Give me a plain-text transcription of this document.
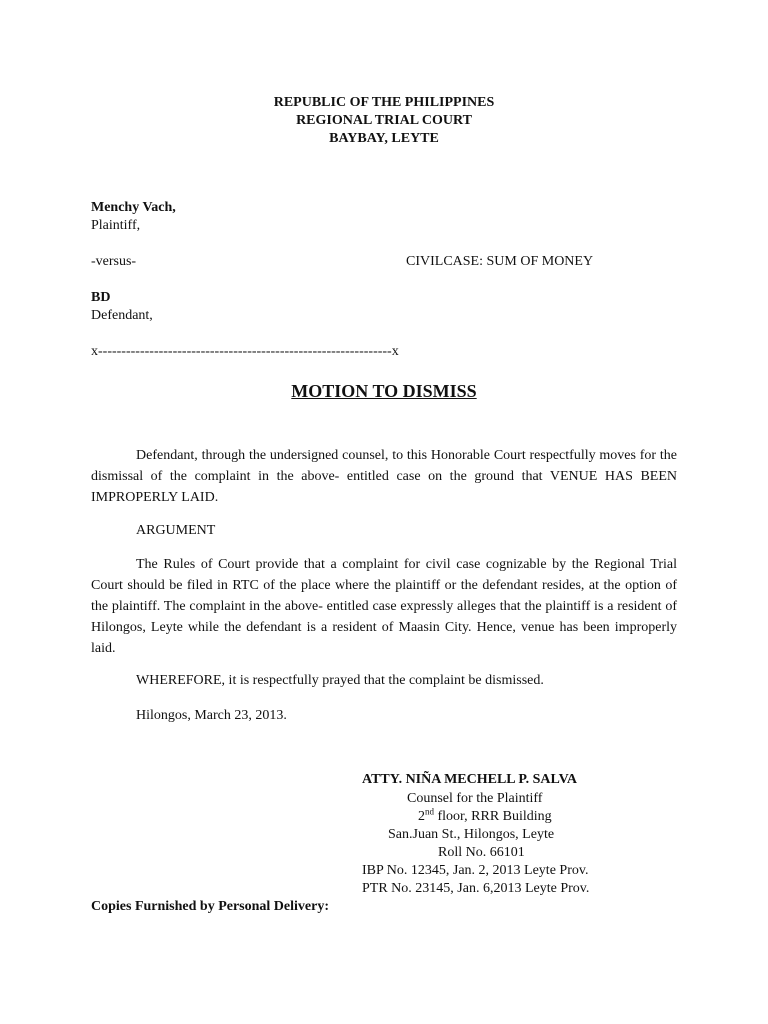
REPUBLIC OF THE PHILIPPINES
REGIONAL TRIAL COURT
BAYBAY, LEYTE
Menchy Vach,
Plaintiff,
-versus-	CIVILCASE: SUM OF MONEY
BD
Defendant,
x---------------------------------------------------------------x
MOTION TO DISMISS
Defendant, through the undersigned counsel, to this Honorable Court respectfully moves for the dismissal of the complaint in the above- entitled case on the ground that VENUE HAS BEEN IMPROPERLY LAID.
ARGUMENT
The Rules of Court provide that a complaint for civil case cognizable by the Regional Trial Court should be filed in RTC of the place where the plaintiff or the defendant resides, at the option of the plaintiff. The complaint in the above- entitled case expressly alleges that the plaintiff is a resident of Hilongos, Leyte while the defendant is a resident of Maasin City. Hence, venue has been improperly laid.
WHEREFORE, it is respectfully prayed that the complaint be dismissed.
Hilongos, March 23, 2013.
ATTY. NIÑA MECHELL P. SALVA
Counsel for the Plaintiff
2nd floor, RRR Building
San.Juan St., Hilongos, Leyte
Roll No. 66101
IBP No. 12345, Jan. 2, 2013 Leyte Prov.
PTR No. 23145, Jan. 6,2013 Leyte Prov.
Copies Furnished by Personal Delivery:
